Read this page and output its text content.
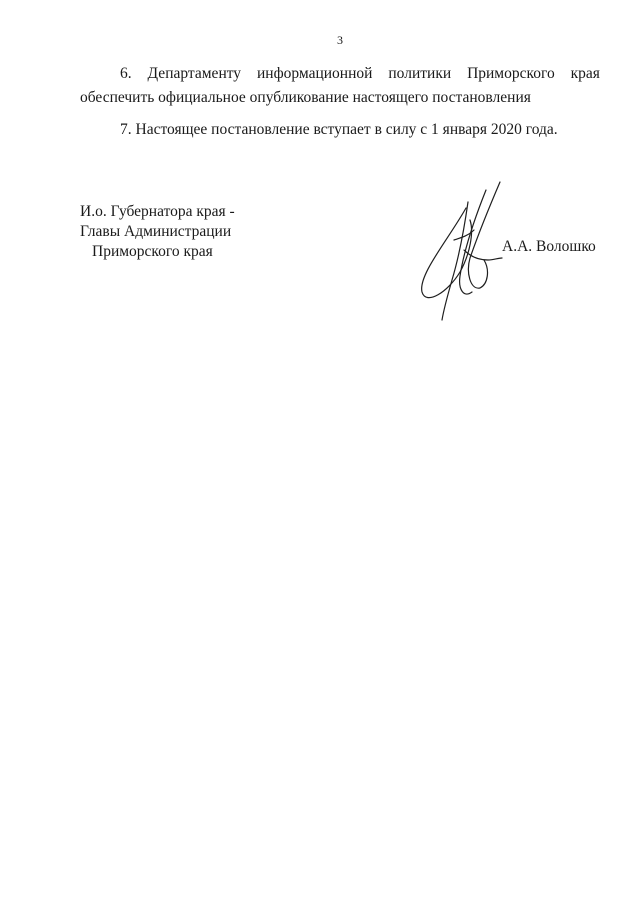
3
6. Департаменту информационной политики Приморского края
обеспечить официальное опубликование настоящего постановления
7. Настоящее постановление вступает в силу с 1 января 2020 года.
И.о. Губернатора края -
Главы Администрации
Приморского края	А.А. Волошко
